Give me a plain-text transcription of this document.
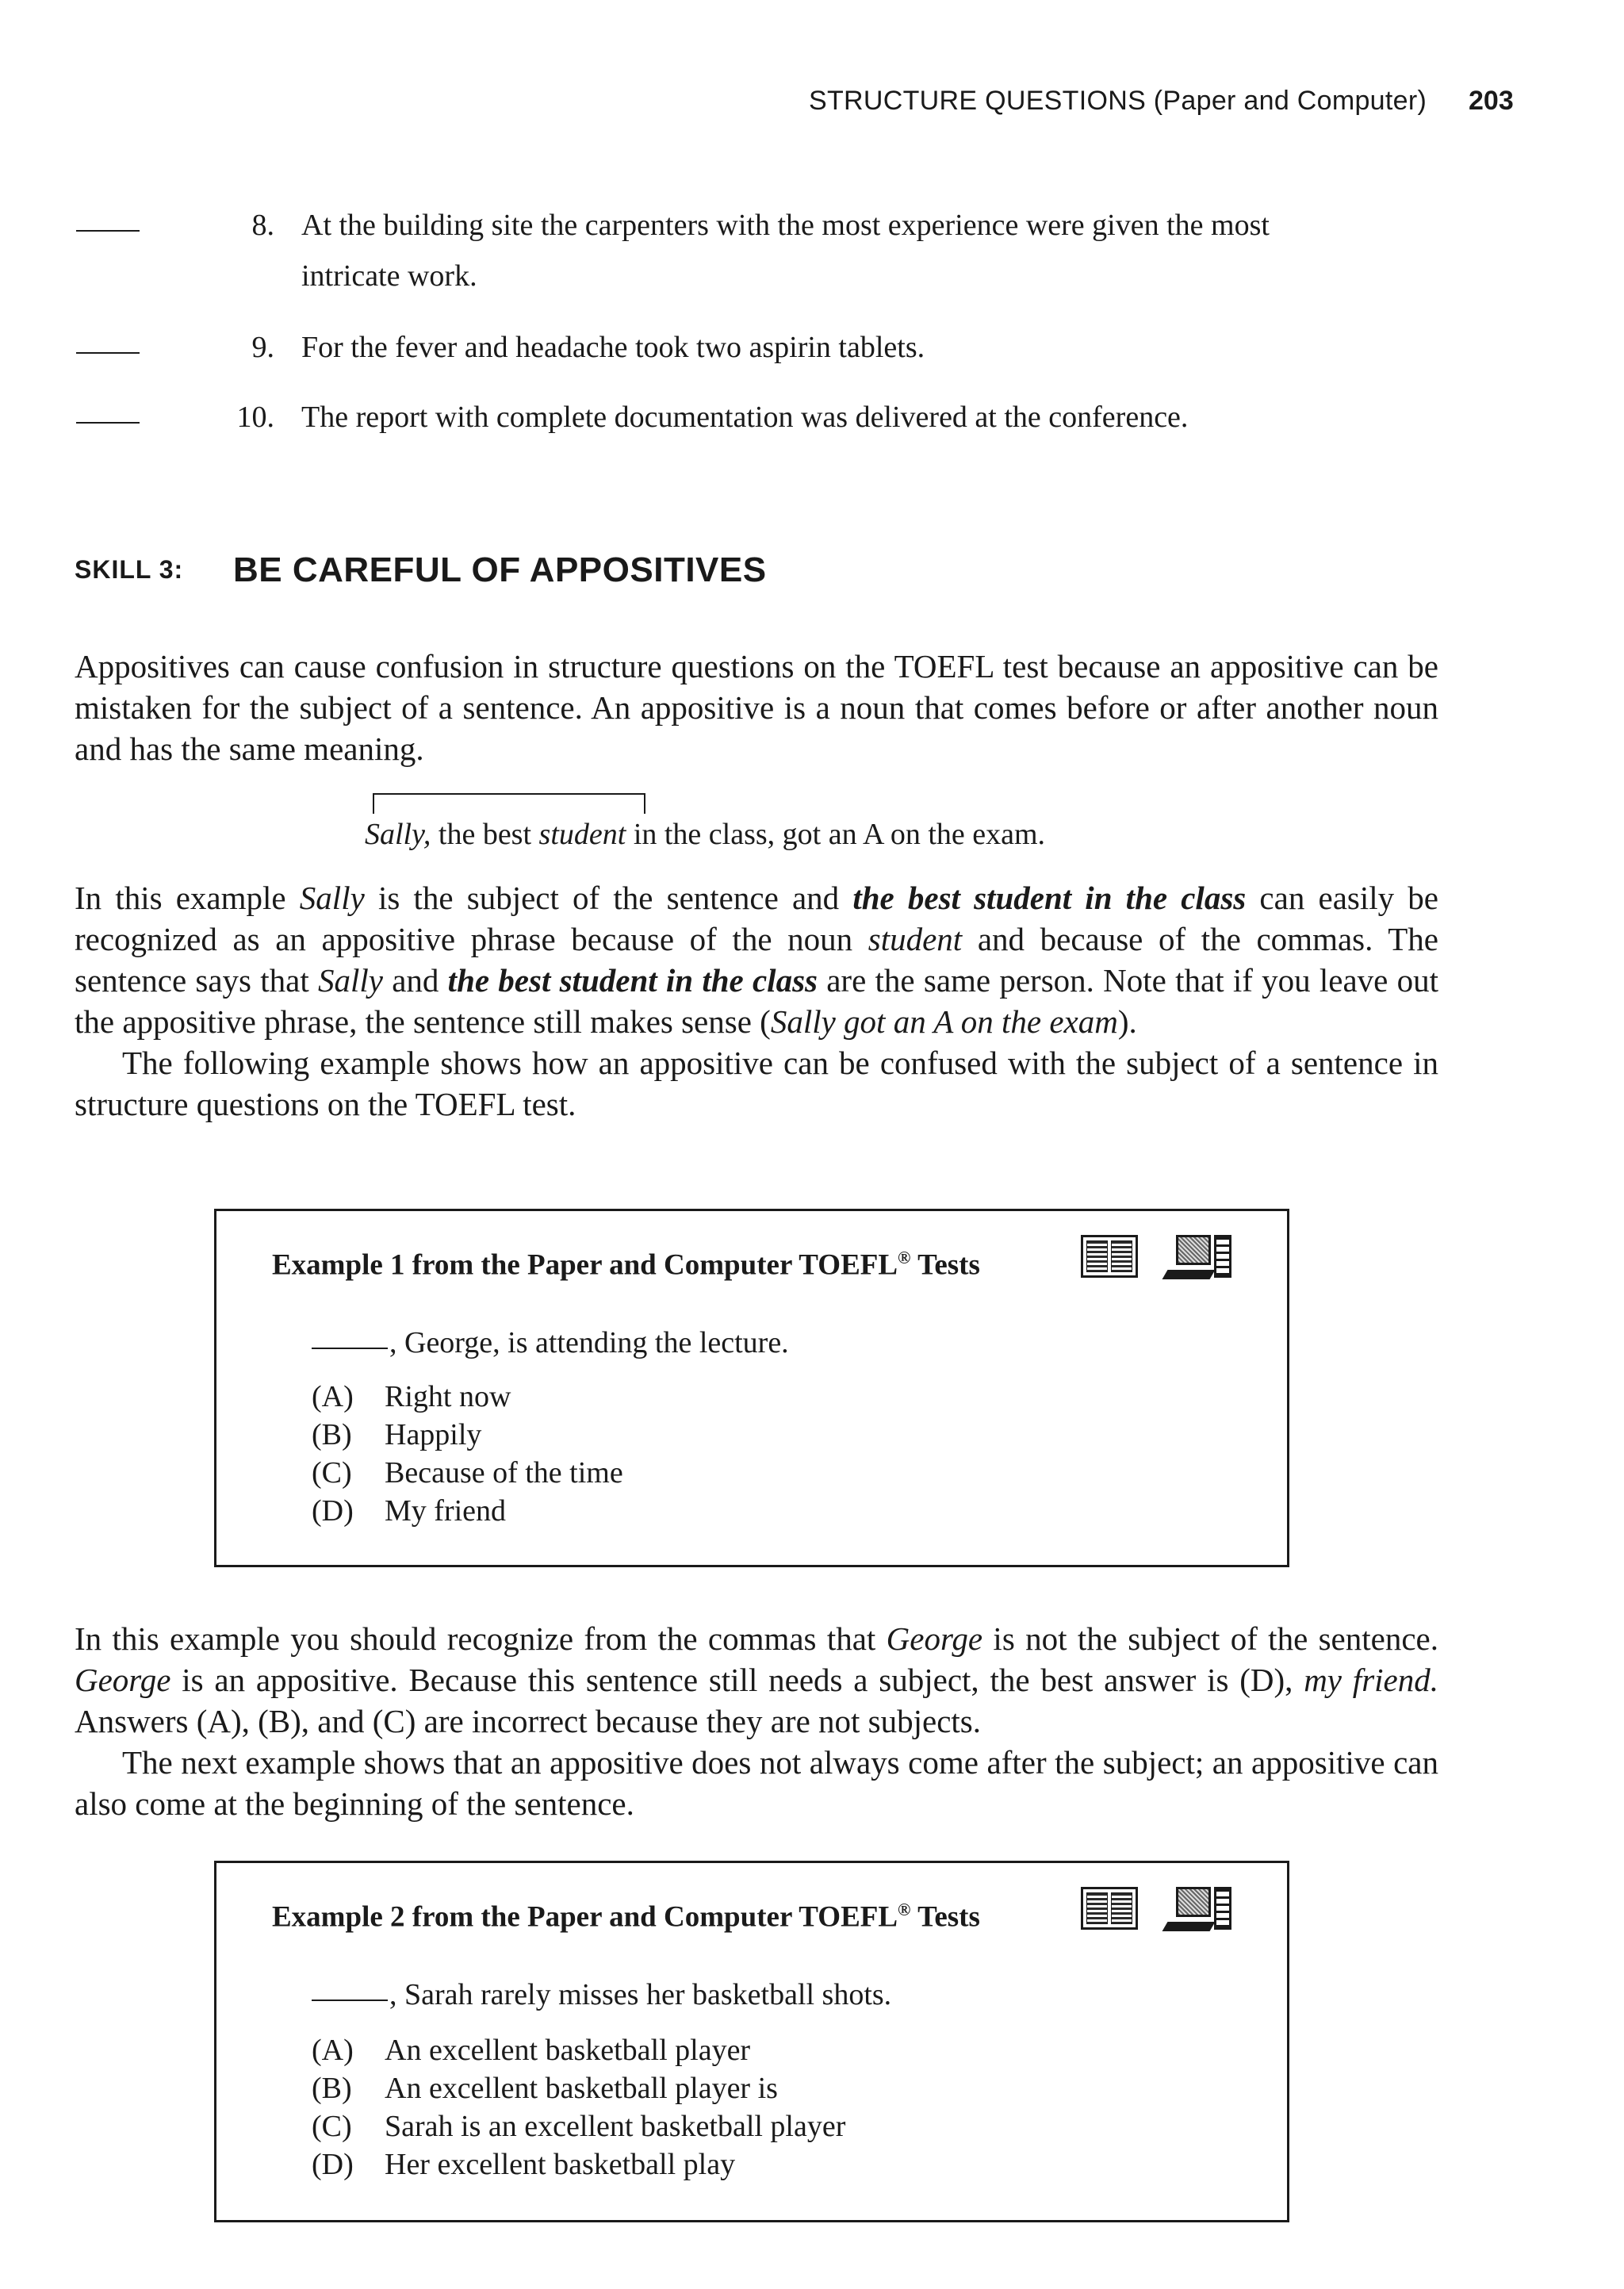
STRUCTURE QUESTIONS (Paper and Computer) 203
8. At the building site the carpenters with the most experience were given the most
intricate work.
9. For the fever and headache took two aspirin tablets.
10. The report with complete documentation was delivered at the conference.
SKILL 3: BE CAREFUL OF APPOSITIVES
Appositives can cause confusion in structure questions on the TOEFL test because an appositive can be mistaken for the subject of a sentence. An appositive is a noun that comes before or after another noun and has the same meaning.
Sally, the best student in the class, got an A on the exam.
In this example Sally is the subject of the sentence and the best student in the class can easily be recognized as an appositive phrase because of the noun student and because of the commas. The sentence says that Sally and the best student in the class are the same person. Note that if you leave out the appositive phrase, the sentence still makes sense (Sally got an A on the exam).
The following example shows how an appositive can be confused with the subject of a sentence in structure questions on the TOEFL test.
Example 1 from the Paper and Computer TOEFL® Tests
, George, is attending the lecture.
(A)	Right now
(B)	Happily
(C)	Because of the time
(D)	My friend
In this example you should recognize from the commas that George is not the subject of the sentence. George is an appositive. Because this sentence still needs a subject, the best answer is (D), my friend. Answers (A), (B), and (C) are incorrect because they are not subjects.
The next example shows that an appositive does not always come after the subject; an appositive can also come at the beginning of the sentence.
Example 2 from the Paper and Computer TOEFL® Tests
, Sarah rarely misses her basketball shots.
(A)	An excellent basketball player
(B)	An excellent basketball player is
(C)	Sarah is an excellent basketball player
(D)	Her excellent basketball play
